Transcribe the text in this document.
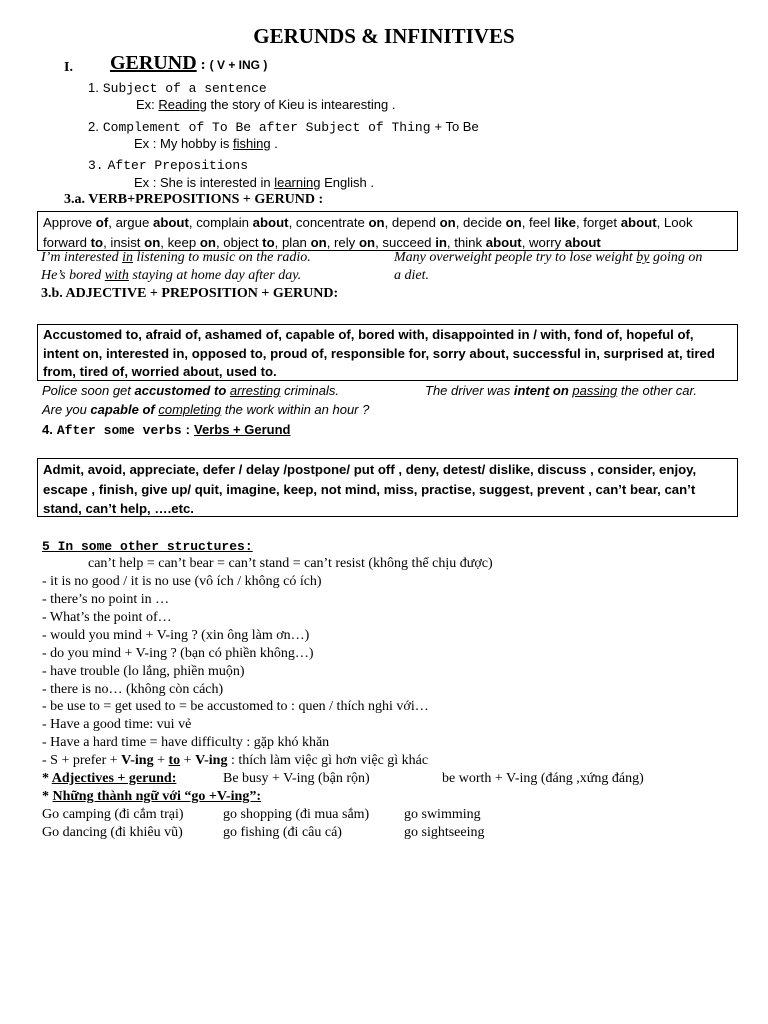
GERUNDS & INFINITIVES
I. GERUND : ( V + ING )
1. Subject of a sentence
Ex: Reading the story of Kieu is intearesting .
2. Complement of To Be after Subject of Thing + To Be
Ex : My hobby is fishing .
3. After Prepositions
Ex : She is interested in learning English .
3.a. VERB+PREPOSITIONS + GERUND :
Approve of, argue about, complain about, concentrate on, depend on, decide on, feel like, forget about, Look forward to, insist on, keep on, object to, plan on, rely on, succeed in, think about, worry about
I’m interested in listening to music on the radio.
He’s bored with staying at home day after day.
Many overweight people try to lose weight by going on
a diet.
3.b. ADJECTIVE + PREPOSITION + GERUND:
Accustomed to, afraid of, ashamed of, capable of, bored with, disappointed in / with, fond of, hopeful of, intent on, interested in, opposed to, proud of, responsible for, sorry about, successful in, surprised at, tired from, tired of, worried about, used to.
Police soon get accustomed to arresting criminals.	The driver was intent on passing the other car.
Are you capable of completing the work within an hour ?
4. After some verbs : Verbs + Gerund
Admit, avoid, appreciate, defer / delay /postpone/ put off , deny, detest/ dislike, discuss , consider, enjoy, escape , finish, give up/ quit, imagine, keep, not mind, miss, practise, suggest, prevent , can’t bear, can’t stand, can’t help, ….etc.
5 In some other structures:
can’t help = can’t bear = can’t stand = can’t resist (không thể chịu được)
- it is no good / it is no use (vô ích / không có ích)
- there’s no point in …
- What’s the point of…
- would you mind + V-ing ? (xin ông làm ơn…)
- do you mind + V-ing ? (bạn có phiền không…)
- have trouble (lo lắng, phiền muộn)
- there is no… (không còn cách)
- be use to = get used to = be accustomed to : quen / thích nghi với…
- Have a good time: vui vẻ
- Have a hard time = have difficulty : gặp khó khăn
- S + prefer + V-ing + to + V-ing : thích làm việc gì hơn việc gì khác
* Adjectives + gerund:	Be busy + V-ing (bận rộn)	be worth + V-ing (đáng ,xứng đáng)
* Những thành ngữ với “go +V-ing”:
Go camping (đi cắm trại)	go shopping (đi mua sắm) go swimming
Go dancing (đi khiêu vũ)	go fishing (đi câu cá)	go sightseeing
